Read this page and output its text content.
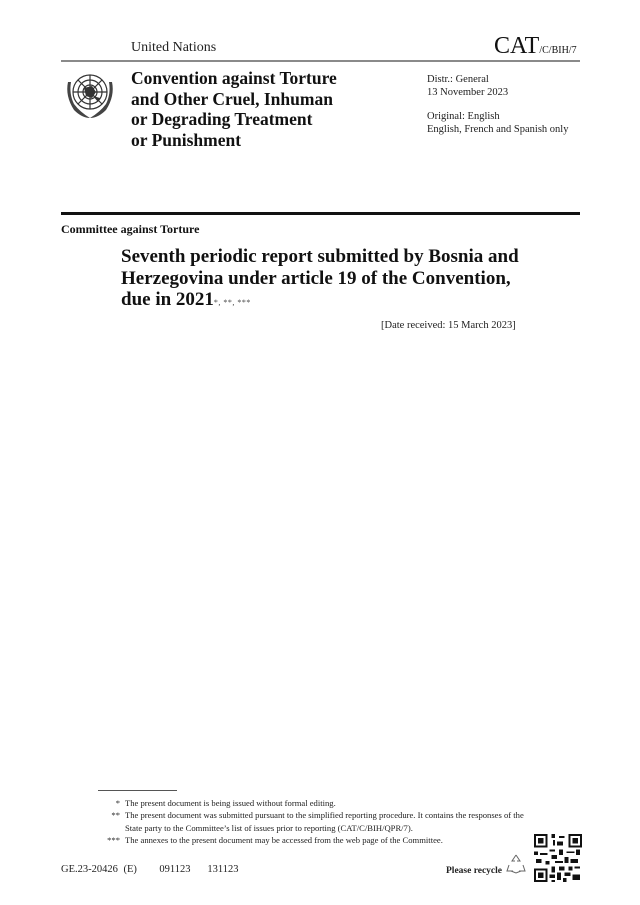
United Nations	CAT/C/BIH/7
Convention against Torture
and Other Cruel, Inhuman
or Degrading Treatment
or Punishment

Distr.: General

13 November 2023

Original: English

English, French and Spanish only

Committee against Torture
Seventh periodic report submitted by Bosnia and
Herzegovina under article 19 of the Convention,
due in 2021*, **, ***
[Date received: 15 March 2023]
* The present document is being issued without formal editing.
** The present document was submitted pursuant to the simplified reporting procedure. It contains the responses of the State party to the Committee’s list of issues prior to reporting (CAT/C/BIH/QPR/7).
*** The annexes to the present document may be accessed from the web page of the Committee.
GE.23-20426 (E) 091123 131123	Please recycle
